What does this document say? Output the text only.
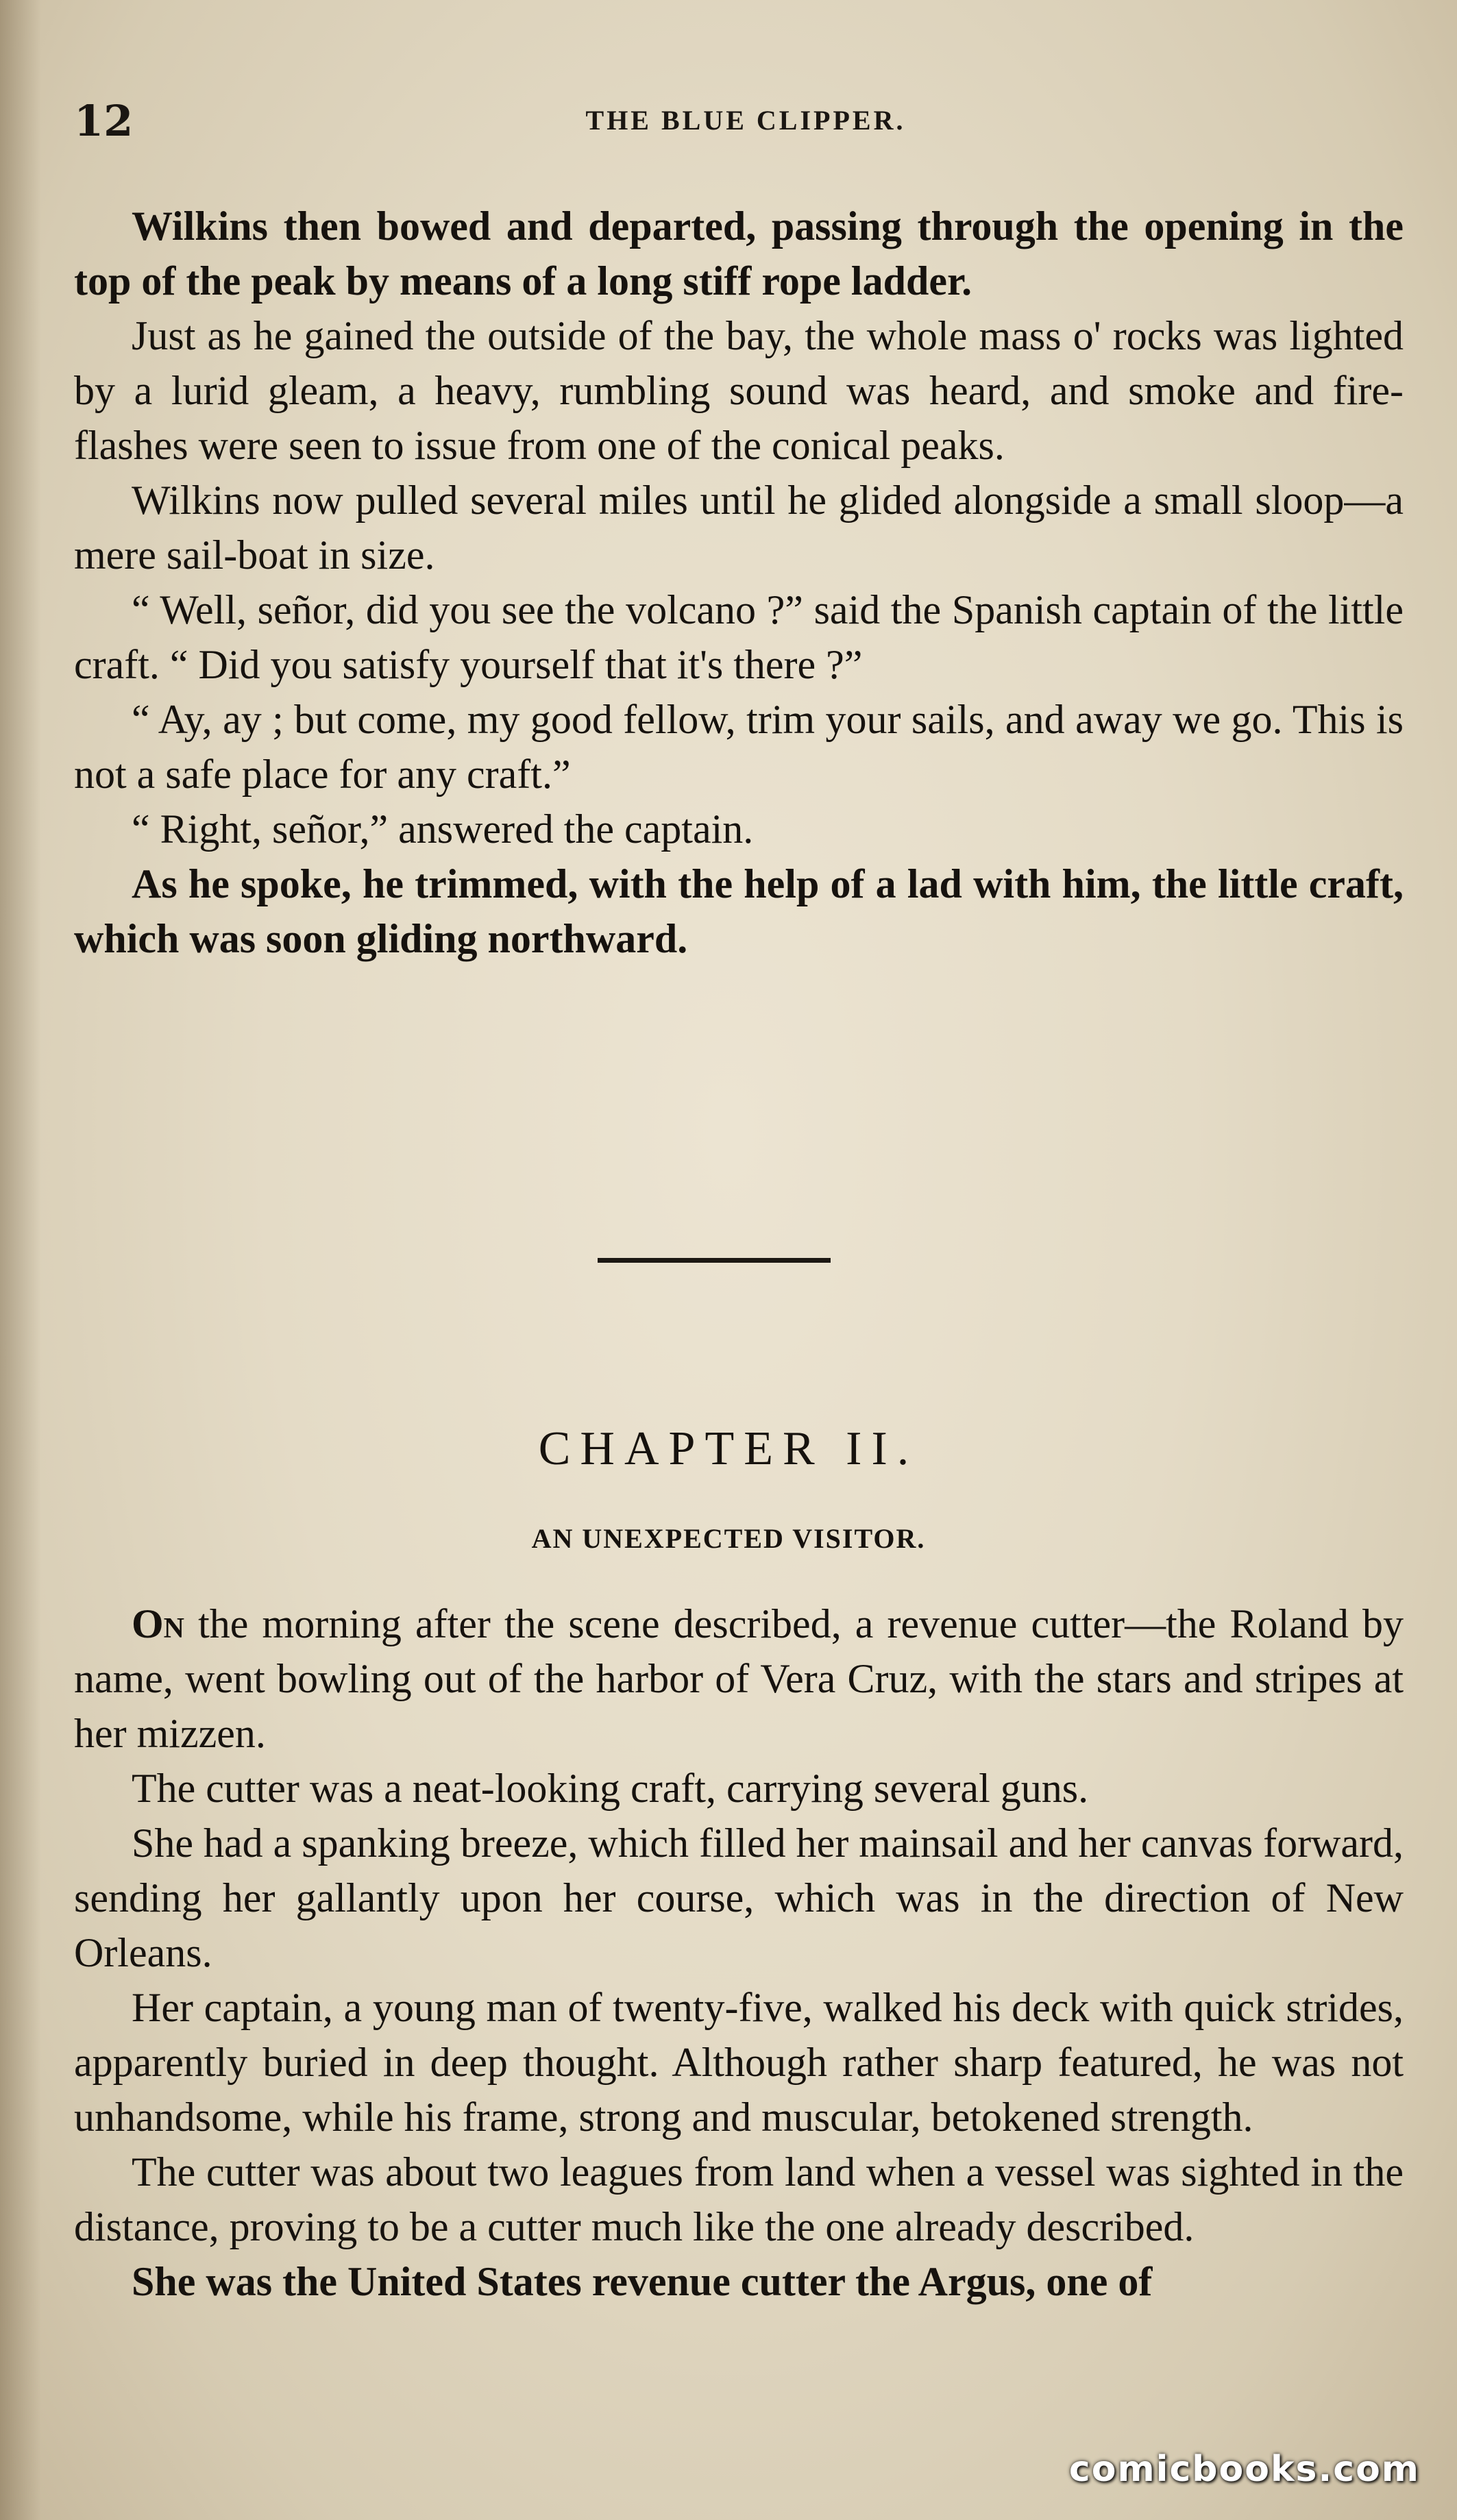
12	THE BLUE CLIPPER.

Wilkins then bowed and departed, passing through the opening in the top of the peak by means of a long stiff rope ladder.

Just as he gained the outside of the bay, the whole mass o' rocks was lighted by a lurid gleam, a heavy, rumbling sound was heard, and smoke and fire-flashes were seen to issue from one of the conical peaks.

Wilkins now pulled several miles until he glided alongside a small sloop—a mere sail-boat in size.

“ Well, señor, did you see the volcano ?” said the Spanish captain of the little craft. “ Did you satisfy yourself that it's there ?”

“ Ay, ay ; but come, my good fellow, trim your sails, and away we go. This is not a safe place for any craft.”

“ Right, señor,” answered the captain.

As he spoke, he trimmed, with the help of a lad with him, the little craft, which was soon gliding northward.

CHAPTER II.
AN UNEXPECTED VISITOR.

On the morning after the scene described, a revenue cutter—the Roland by name, went bowling out of the harbor of Vera Cruz, with the stars and stripes at her mizzen.

The cutter was a neat-looking craft, carrying several guns.

She had a spanking breeze, which filled her mainsail and her canvas forward, sending her gallantly upon her course, which was in the direction of New Orleans.

Her captain, a young man of twenty-five, walked his deck with quick strides, apparently buried in deep thought. Although rather sharp featured, he was not unhandsome, while his frame, strong and muscular, betokened strength.

The cutter was about two leagues from land when a vessel was sighted in the distance, proving to be a cutter much like the one already described.

She was the United States revenue cutter the Argus, one of

comicbooks.com
